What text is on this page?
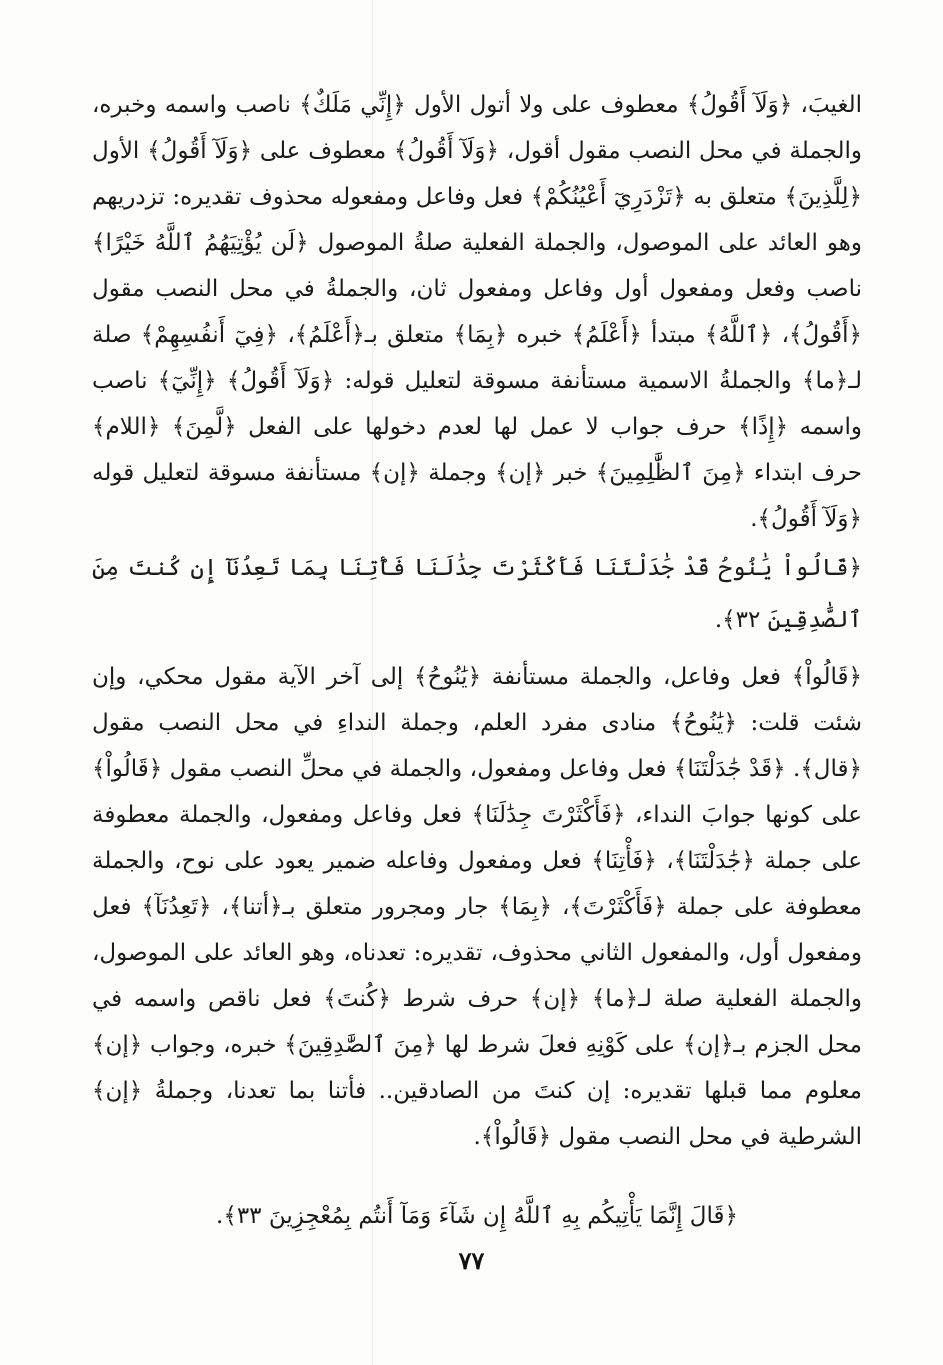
الغيبَ، ﴿وَلَآ أَقُولُ﴾ معطوف على ولا أتول الأول ﴿إِنِّي مَلَكٌ﴾ ناصب واسمه وخبره، والجملة في محل النصب مقول أقول، ﴿وَلَآ أَقُولُ﴾ معطوف على ﴿وَلَآ أَقُولُ﴾ الأول ﴿لِلَّذِينَ﴾ متعلق به ﴿تَزْدَرِيٓ أَعْيُنُكُمْ﴾ فعل وفاعل ومفعوله محذوف تقديره: تزدريهم وهو العائد على الموصول، والجملة الفعلية صلةُ الموصول ﴿لَن يُؤْتِيَهُمُ ٱللَّهُ خَيْرًا﴾ ناصب وفعل ومفعول أول وفاعل ومفعول ثان، والجملةُ في محل النصب مقول ﴿أَقُولُ﴾، ﴿ٱللَّهُ﴾ مبتدأ ﴿أَعْلَمُ﴾ خبره ﴿بِمَا﴾ متعلق بـ﴿أَعْلَمُ﴾، ﴿فِيٓ أَنفُسِهِمْ﴾ صلة لـ﴿ما﴾ والجملةُ الاسمية مستأنفة مسوقة لتعليل قوله: ﴿وَلَآ أَقُولُ﴾ ﴿إِنِّيٓ﴾ ناصب واسمه ﴿إِذًا﴾ حرف جواب لا عمل لها لعدم دخولها على الفعل ﴿لَّمِنَ﴾ ﴿اللام﴾ حرف ابتداء ﴿مِنَ ٱلظَّٰلِمِينَ﴾ خبر ﴿إن﴾ وجملة ﴿إن﴾ مستأنفة مسوقة لتعليل قوله ﴿وَلَآ أَقُولُ﴾.

﴿قَالُواْ يَٰنُوحُ قَدْ جَٰدَلْتَنَا فَأَكْثَرْتَ جِدَٰلَنَا فَأْتِنَا بِمَا تَعِدُنَآ إِن كُنتَ مِنَ ٱلصَّٰدِقِينَ ٣٢﴾.

﴿قَالُواْ﴾ فعل وفاعل، والجملة مستأنفة ﴿يَٰنُوحُ﴾ إلى آخر الآية مقول محكي، وإن شئت قلت: ﴿يَٰنُوحُ﴾ منادى مفرد العلم، وجملة النداءِ في محل النصب مقول ﴿قال﴾. ﴿قَدْ جَٰدَلْتَنَا﴾ فعل وفاعل ومفعول، والجملة في محلِّ النصب مقول ﴿قَالُواْ﴾ على كونها جوابَ النداء، ﴿فَأَكْثَرْتَ جِدَٰلَنَا﴾ فعل وفاعل ومفعول، والجملة معطوفة على جملة ﴿جَٰدَلْتَنَا﴾، ﴿فَأْتِنَا﴾ فعل ومفعول وفاعله ضمير يعود على نوح، والجملة معطوفة على جملة ﴿فَأَكْثَرْتَ﴾، ﴿بِمَا﴾ جار ومجرور متعلق بـ﴿أتنا﴾، ﴿تَعِدُنَآ﴾ فعل ومفعول أول، والمفعول الثاني محذوف، تقديره: تعدناه، وهو العائد على الموصول، والجملة الفعلية صلة لـ﴿ما﴾ ﴿إن﴾ حرف شرط ﴿كُنتَ﴾ فعل ناقص واسمه في محل الجزم بـ﴿إن﴾ على كَوْنِهِ فعلَ شرط لها ﴿مِنَ ٱلصَّٰدِقِينَ﴾ خبره، وجواب ﴿إن﴾ معلوم مما قبلها تقديره: إن كنتَ من الصادقين.. فأتنا بما تعدنا، وجملةُ ﴿إن﴾ الشرطية في محل النصب مقول ﴿قَالُواْ﴾.

﴿قَالَ إِنَّمَا يَأْتِيكُم بِهِ ٱللَّهُ إِن شَآءَ وَمَآ أَنتُم بِمُعْجِزِينَ ٣٣﴾.

٧٧
